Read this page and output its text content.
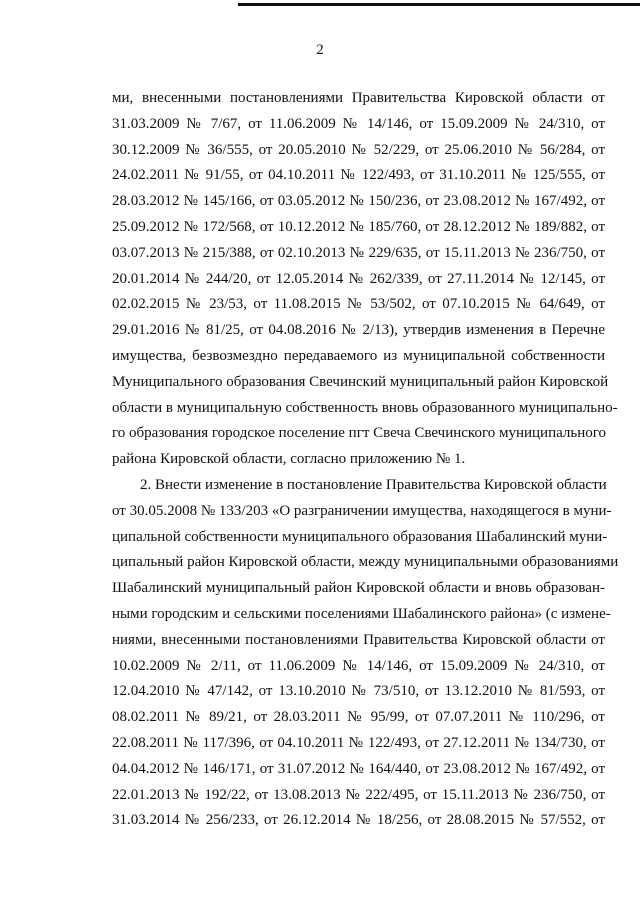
2
ми, внесенными постановлениями Правительства Кировской области от
31.03.2009 № 7/67, от 11.06.2009 № 14/146, от 15.09.2009 № 24/310, от
30.12.2009 № 36/555, от 20.05.2010 № 52/229, от 25.06.2010 № 56/284, от
24.02.2011 № 91/55, от 04.10.2011 № 122/493, от 31.10.2011 № 125/555, от
28.03.2012 № 145/166, от 03.05.2012 № 150/236, от 23.08.2012 № 167/492, от
25.09.2012 № 172/568, от 10.12.2012 № 185/760, от 28.12.2012 № 189/882, от
03.07.2013 № 215/388, от 02.10.2013 № 229/635, от 15.11.2013 № 236/750, от
20.01.2014 № 244/20, от 12.05.2014 № 262/339, от 27.11.2014 № 12/145, от
02.02.2015 № 23/53, от 11.08.2015 № 53/502, от 07.10.2015 № 64/649, от
29.01.2016 № 81/25, от 04.08.2016 № 2/13), утвердив изменения в Перечне
имущества, безвозмездно передаваемого из муниципальной собственности
Муниципального образования Свечинский муниципальный район Кировской
области в муниципальную собственность вновь образованного муниципально-
го образования городское поселение пгт Свеча Свечинского муниципального
района Кировской области, согласно приложению № 1.
2. Внести изменение в постановление Правительства Кировской области
от 30.05.2008 № 133/203 «О разграничении имущества, находящегося в муни-
ципальной собственности муниципального образования Шабалинский муни-
ципальный район Кировской области, между муниципальными образованиями
Шабалинский муниципальный район Кировской области и вновь образован-
ными городским и сельскими поселениями Шабалинского района» (с измене-
ниями, внесенными постановлениями Правительства Кировской области от
10.02.2009 № 2/11, от 11.06.2009 № 14/146, от 15.09.2009 № 24/310, от
12.04.2010 № 47/142, от 13.10.2010 № 73/510, от 13.12.2010 № 81/593, от
08.02.2011 № 89/21, от 28.03.2011 № 95/99, от 07.07.2011 № 110/296, от
22.08.2011 № 117/396, от 04.10.2011 № 122/493, от 27.12.2011 № 134/730, от
04.04.2012 № 146/171, от 31.07.2012 № 164/440, от 23.08.2012 № 167/492, от
22.01.2013 № 192/22, от 13.08.2013 № 222/495, от 15.11.2013 № 236/750, от
31.03.2014 № 256/233, от 26.12.2014 № 18/256, от 28.08.2015 № 57/552, от
